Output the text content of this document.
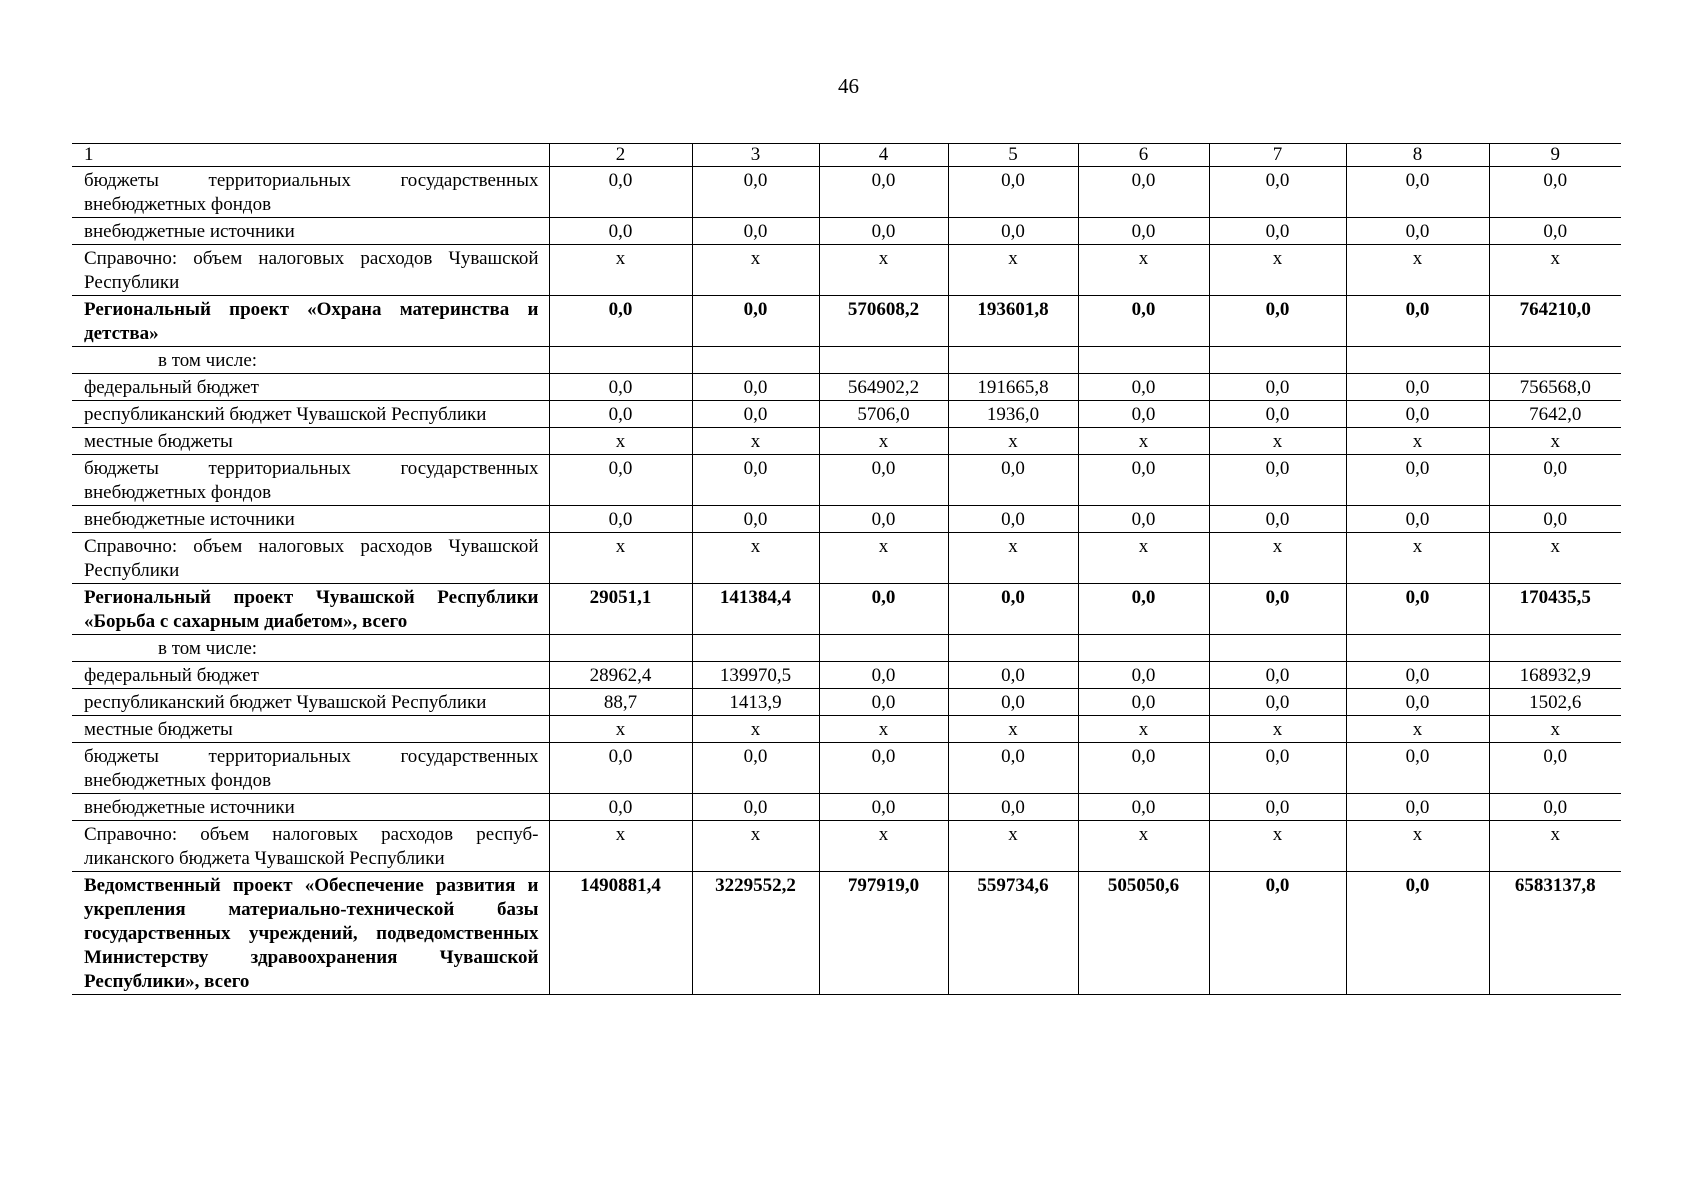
46
1	2	3	4	5	6	7	8	9
бюджеты территориальных государственных внебюджетных фондов	0,0	0,0	0,0	0,0	0,0	0,0	0,0	0,0
внебюджетные источники	0,0	0,0	0,0	0,0	0,0	0,0	0,0	0,0
Справочно: объем налоговых расходов Чувашской Республики	х	х	х	х	х	х	х	х
Региональный проект «Охрана материнства и детства»	0,0	0,0	570608,2	193601,8	0,0	0,0	0,0	764210,0
в том числе:								
федеральный бюджет	0,0	0,0	564902,2	191665,8	0,0	0,0	0,0	756568,0
республиканский бюджет Чувашской Республики	0,0	0,0	5706,0	1936,0	0,0	0,0	0,0	7642,0
местные бюджеты	х	х	х	х	х	х	х	х
бюджеты территориальных государственных внебюджетных фондов	0,0	0,0	0,0	0,0	0,0	0,0	0,0	0,0
внебюджетные источники	0,0	0,0	0,0	0,0	0,0	0,0	0,0	0,0
Справочно: объем налоговых расходов Чувашской Республики	х	х	х	х	х	х	х	х
Региональный проект Чувашской Республики «Борьба с сахарным диабетом», всего	29051,1	141384,4	0,0	0,0	0,0	0,0	0,0	170435,5
в том числе:								
федеральный бюджет	28962,4	139970,5	0,0	0,0	0,0	0,0	0,0	168932,9
республиканский бюджет Чувашской Республики	88,7	1413,9	0,0	0,0	0,0	0,0	0,0	1502,6
местные бюджеты	х	х	х	х	х	х	х	х
бюджеты территориальных государственных внебюджетных фондов	0,0	0,0	0,0	0,0	0,0	0,0	0,0	0,0
внебюджетные источники	0,0	0,0	0,0	0,0	0,0	0,0	0,0	0,0
Справочно: объем налоговых расходов республиканского бюджета Чувашской Республики	х	х	х	х	х	х	х	х
Ведомственный проект «Обеспечение развития и укрепления материально-технической базы государственных учреждений, подведомственных Министерству здравоохранения Чувашской Республики», всего	1490881,4	3229552,2	797919,0	559734,6	505050,6	0,0	0,0	6583137,8
